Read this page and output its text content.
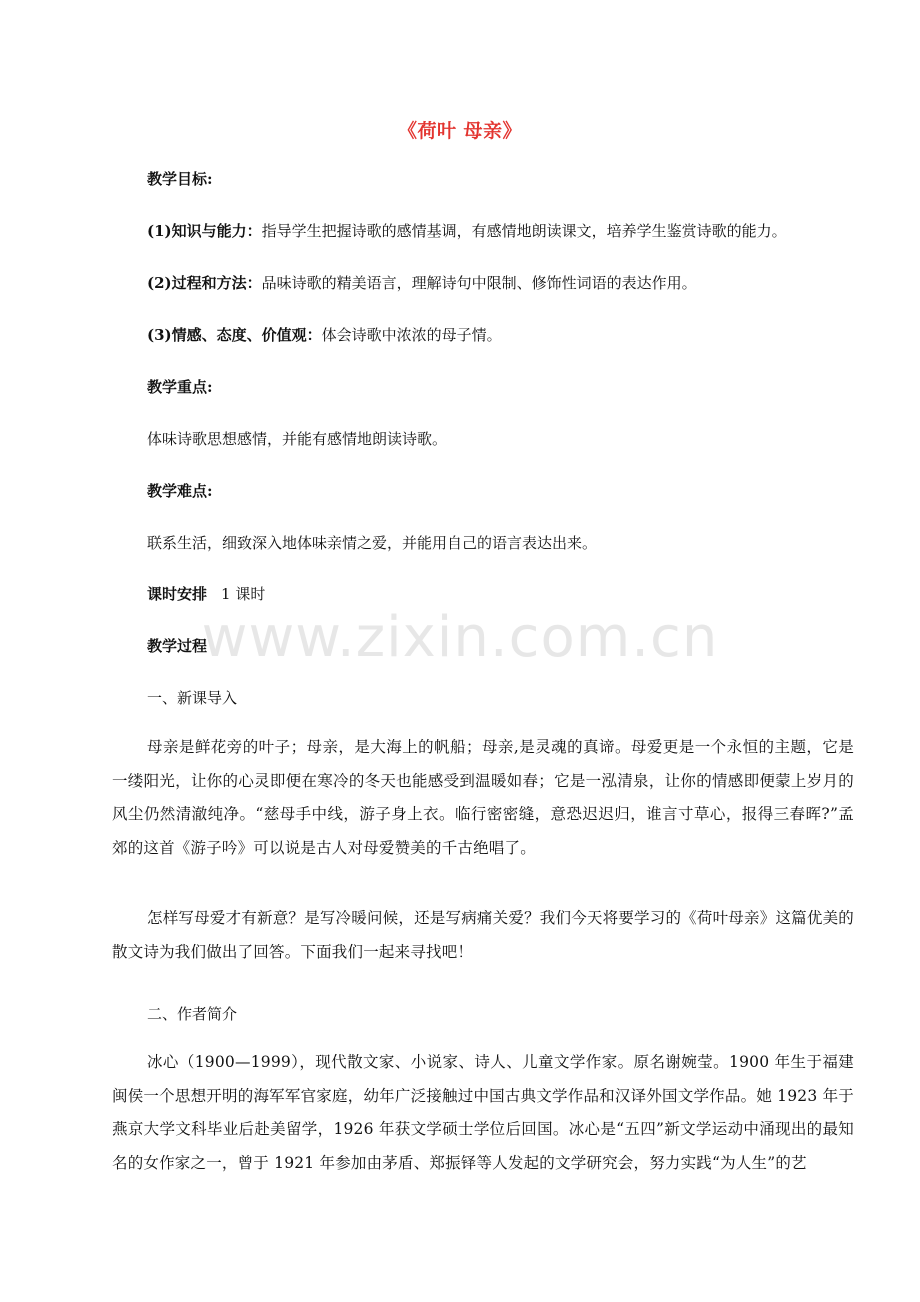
《荷叶 母亲》
教学目标:
(1)知识与能力：指导学生把握诗歌的感情基调，有感情地朗读课文，培养学生鉴赏诗歌的能力。
(2)过程和方法：品味诗歌的精美语言，理解诗句中限制、修饰性词语的表达作用。
(3)情感、态度、价值观：体会诗歌中浓浓的母子情。
教学重点:
体味诗歌思想感情，并能有感情地朗读诗歌。
教学难点:
联系生活，细致深入地体味亲情之爱，并能用自己的语言表达出来。
课时安排 1 课时
教学过程
一、新课导入
母亲是鲜花旁的叶子；母亲，是大海上的帆船；母亲,是灵魂的真谛。母爱更是一个永恒的主题，它是一缕阳光，让你的心灵即便在寒冷的冬天也能感受到温暖如春；它是一泓清泉，让你的情感即便蒙上岁月的风尘仍然清澈纯净。“慈母手中线，游子身上衣。临行密密缝，意恐迟迟归，谁言寸草心，报得三春晖?”孟郊的这首《游子吟》可以说是古人对母爱赞美的千古绝唱了。
怎样写母爱才有新意？是写冷暖问候，还是写病痛关爱？我们今天将要学习的《荷叶母亲》这篇优美的散文诗为我们做出了回答。下面我们一起来寻找吧！
二、作者简介
冰心（1900—1999），现代散文家、小说家、诗人、儿童文学作家。原名谢婉莹。1900 年生于福建闽侯一个思想开明的海军军官家庭，幼年广泛接触过中国古典文学作品和汉译外国文学作品。她 1923 年于燕京大学文科毕业后赴美留学，1926 年获文学硕士学位后回国。冰心是“五四”新文学运动中涌现出的最知名的女作家之一，曾于 1921 年参加由茅盾、郑振铎等人发起的文学研究会，努力实践“为人生”的艺
www.zixin.com.cn
